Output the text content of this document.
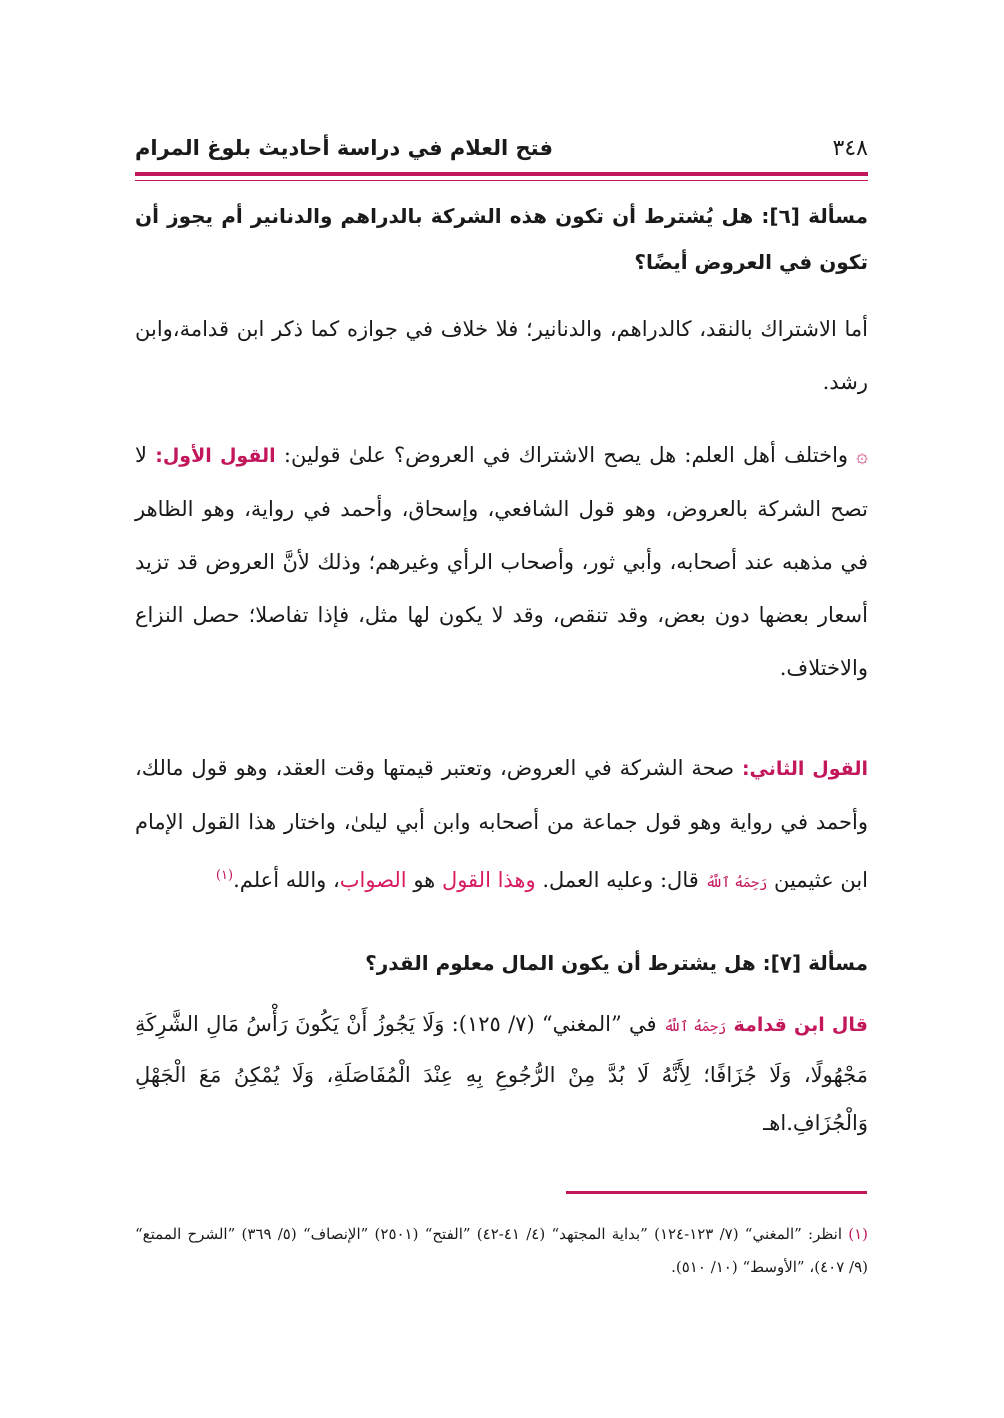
٣٤٨
فتح العلام في دراسة أحاديث بلوغ المرام
مسألة [٦]: هل يُشترط أن تكون هذه الشركة بالدراهم والدنانير أم يجوز أن تكون في العروض أيضًا؟
أما الاشتراك بالنقد، كالدراهم، والدنانير؛ فلا خلاف في جوازه كما ذكر ابن قدامة،وابن رشد.
۞ واختلف أهل العلم: هل يصح الاشتراك في العروض؟ علىٰ قولين: القول الأول: لا تصح الشركة بالعروض، وهو قول الشافعي، وإسحاق، وأحمد في رواية، وهو الظاهر في مذهبه عند أصحابه، وأبي ثور، وأصحاب الرأي وغيرهم؛ وذلك لأنَّ العروض قد تزيد أسعار بعضها دون بعض، وقد تنقص، وقد لا يكون لها مثل، فإذا تفاصلا؛ حصل النزاع والاختلاف.
القول الثاني: صحة الشركة في العروض، وتعتبر قيمتها وقت العقد، وهو قول مالك، وأحمد في رواية وهو قول جماعة من أصحابه وابن أبي ليلىٰ، واختار هذا القول الإمام ابن عثيمين رَحِمَهُ ٱللَّهُ قال: وعليه العمل. وهذا القول هو الصواب، والله أعلم.$^{(١)}$
مسألة [٧]: هل يشترط أن يكون المال معلوم القدر؟
قال ابن قدامة رَحِمَهُ ٱللَّهُ في ”المغني“ (٧/ ١٢٥): وَلَا يَجُوزُ أَنْ يَكُونَ رَأْسُ مَالِ الشَّرِكَةِ مَجْهُولًا، وَلَا جُزَافًا؛ لِأَنَّهُ لَا بُدَّ مِنْ الرُّجُوعِ بِهِ عِنْدَ الْمُفَاصَلَةِ، وَلَا يُمْكِنُ مَعَ الْجَهْلِ وَالْجُزَافِ.اهـ
(١) انظر: ”المغني“ (٧/ ١٢٣-١٢٤) ”بداية المجتهد“ (٤/ ٤١-٤٢) ”الفتح“ (٢٥٠١) ”الإنصاف“ (٥/ ٣٦٩) ”الشرح الممتع“ (٩/ ٤٠٧)، ”الأوسط“ (١٠/ ٥١٠).
